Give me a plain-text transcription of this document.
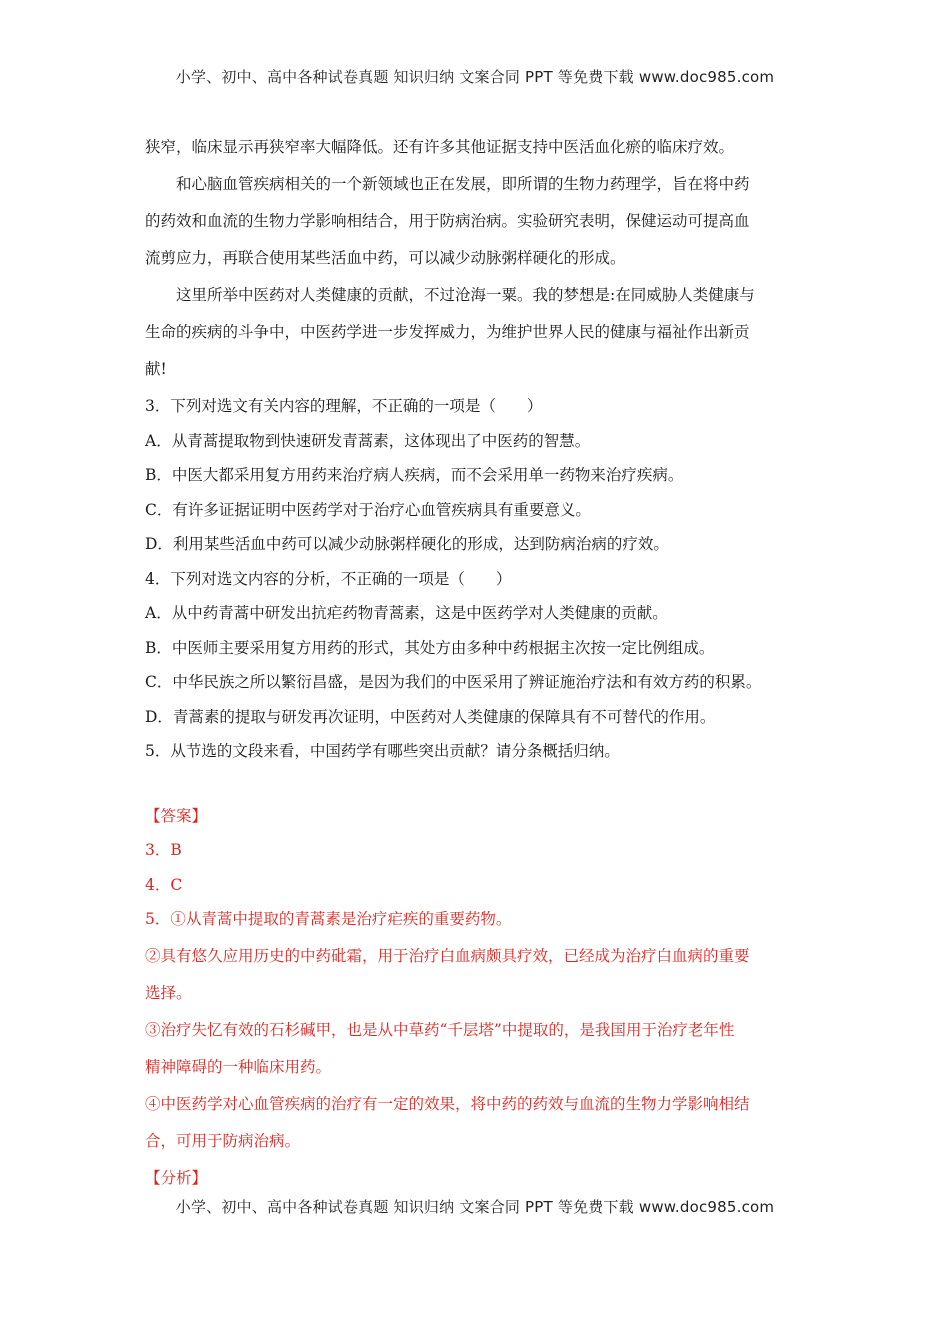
小学、初中、高中各种试卷真题 知识归纳 文案合同 PPT 等免费下载 www.doc985.com
狭窄，临床显示再狭窄率大幅降低。还有许多其他证据支持中医活血化瘀的临床疗效。
和心脑血管疾病相关的一个新领域也正在发展，即所谓的生物力药理学，旨在将中药
的药效和血流的生物力学影响相结合，用于防病治病。实验研究表明，保健运动可提高血
流剪应力，再联合使用某些活血中药，可以减少动脉粥样硬化的形成。
这里所举中医药对人类健康的贡献，不过沧海一粟。我的梦想是:在同威胁人类健康与
生命的疾病的斗争中，中医药学进一步发挥威力，为维护世界人民的健康与福祉作出新贡
献!
3．下列对选文有关内容的理解，不正确的一项是（　　）
A．从青蒿提取物到快速研发青蒿素，这体现出了中医药的智慧。
B．中医大都采用复方用药来治疗病人疾病，而不会采用单一药物来治疗疾病。
C．有许多证据证明中医药学对于治疗心血管疾病具有重要意义。
D．利用某些活血中药可以减少动脉粥样硬化的形成，达到防病治病的疗效。
4．下列对选文内容的分析，不正确的一项是（　　）
A．从中药青蒿中研发出抗疟药物青蒿素，这是中医药学对人类健康的贡献。
B．中医师主要采用复方用药的形式，其处方由多种中药根据主次按一定比例组成。
C．中华民族之所以繁衍昌盛，是因为我们的中医采用了辨证施治疗法和有效方药的积累。
D．青蒿素的提取与研发再次证明，中医药对人类健康的保障具有不可替代的作用。
5．从节选的文段来看，中国药学有哪些突出贡献？请分条概括归纳。
【答案】
3．B
4．C
5．①从青蒿中提取的青蒿素是治疗疟疾的重要药物。
②具有悠久应用历史的中药砒霜，用于治疗白血病颇具疗效，已经成为治疗白血病的重要
选择。
③治疗失忆有效的石杉碱甲，也是从中草药“千层塔”中提取的，是我国用于治疗老年性
精神障碍的一种临床用药。
④中医药学对心血管疾病的治疗有一定的效果，将中药的药效与血流的生物力学影响相结
合，可用于防病治病。
【分析】
小学、初中、高中各种试卷真题 知识归纳 文案合同 PPT 等免费下载 www.doc985.com
